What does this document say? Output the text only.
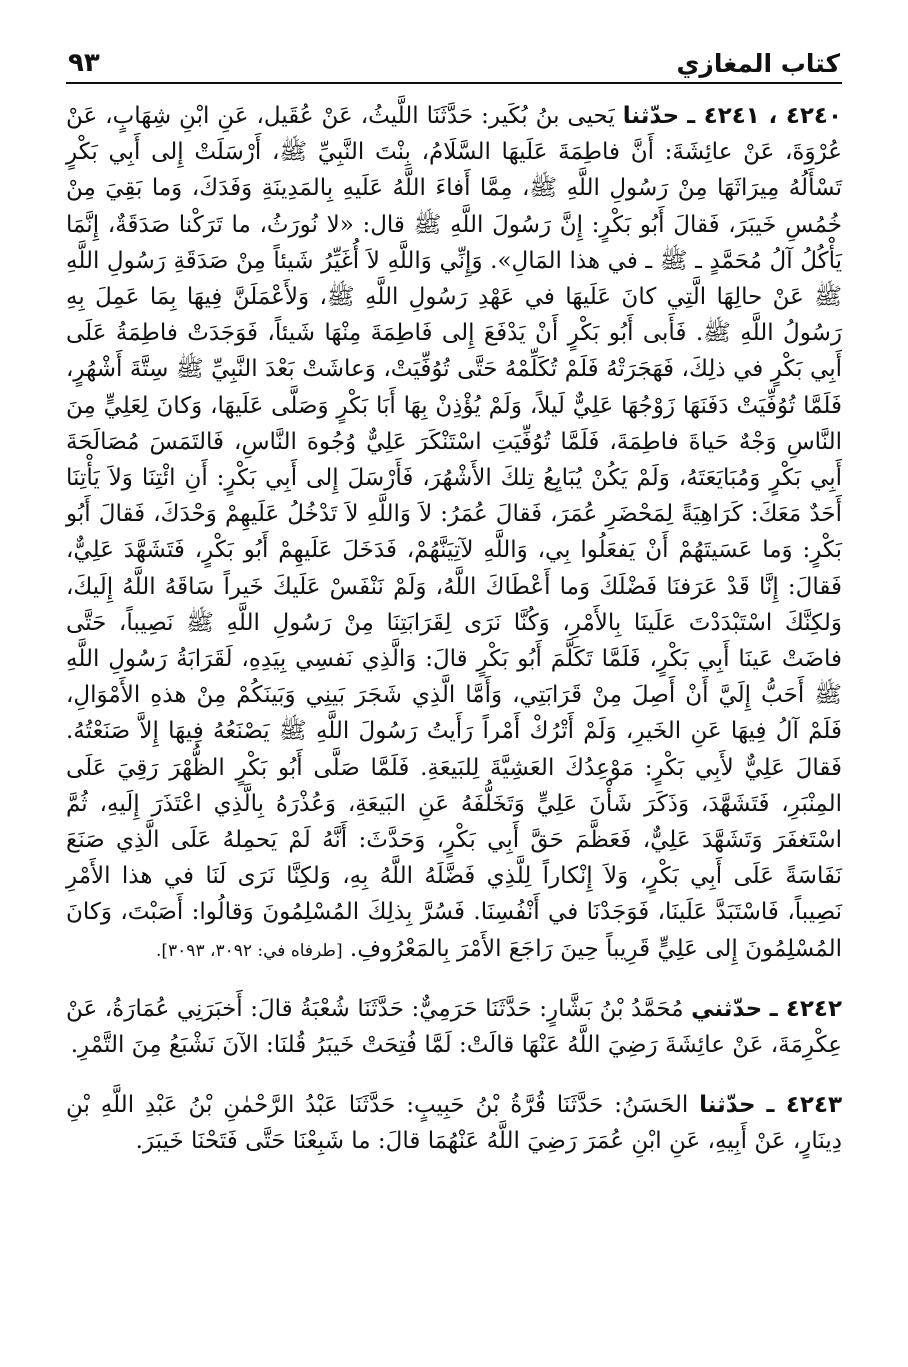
كتاب المغازي
٩٣

٤٢٤٠ ، ٤٢٤١ ـ حدّثنا يَحيى بنُ بُكَير: حَدَّثَنَا اللَّيثُ، عَنْ عُقَيل، عَنِ ابْنِ شِهَابٍ، عَنْ عُرْوَةَ، عَنْ عائِشَةَ: أَنَّ فاطِمَةَ عَلَيهَا السَّلَامُ، بِنْتَ النَّبِيِّ ﷺ، أَرْسَلَتْ إِلى أَبِي بَكْرٍ تَسْأَلُهُ مِيرَاثَهَا مِنْ رَسُولِ اللَّهِ ﷺ، مِمَّا أَفاءَ اللَّهُ عَلَيهِ بِالمَدِينَةِ وَفَدَكَ، وَما بَقِيَ مِنْ خُمُسِ خَيبَرَ، فَقالَ أَبُو بَكْرٍ: إِنَّ رَسُولَ اللَّهِ ﷺ قال: «لا نُورَثُ، ما تَرَكْنا صَدَقَةٌ، إِنَّمَا يَأْكُلُ آلُ مُحَمَّدٍ ـ ﷺ ـ في هذا المَالِ». وَإِنِّي وَاللَّهِ لاَ أُغَيِّرُ شَيئاً مِنْ صَدَقَةِ رَسُولِ اللَّهِ ﷺ عَنْ حالِهَا الَّتِي كانَ عَلَيهَا في عَهْدِ رَسُولِ اللَّهِ ﷺ، وَلأَعْمَلَنَّ فِيهَا بِمَا عَمِلَ بِهِ رَسُولُ اللَّهِ ﷺ. فَأَبى أَبُو بَكْرٍ أَنْ يَدْفَعَ إِلى فَاطِمَةَ مِنْهَا شَيئاً، فَوَجَدَتْ فاطِمَةُ عَلَى أَبِي بَكْرٍ في ذلِكَ، فَهَجَرَتْهُ فَلَمْ تُكَلِّمْهُ حَتَّى تُوُفِّيَتْ، وَعاشَتْ بَعْدَ النَّبِيِّ ﷺ سِتَّةَ أَشْهُرٍ، فَلَمَّا تُوُفِّيَتْ دَفَنَهَا زَوْجُهَا عَلِيٌّ لَيلاً، وَلَمْ يُؤْذِنْ بِهَا أَبَا بَكْرٍ وَصَلَّى عَلَيهَا، وَكانَ لِعَلِيٍّ مِنَ النَّاسِ وَجْهٌ حَياةَ فاطِمَةَ، فَلَمَّا تُوُفِّيَتِ اسْتَنْكَرَ عَلِيٌّ وُجُوهَ النَّاسِ، فَالتَمَسَ مُصَالَحَةَ أَبِي بَكْرٍ وَمُبَايَعَتَهُ، وَلَمْ يَكُنْ يُبَايِعُ تِلكَ الأَشْهُرَ، فَأَرْسَلَ إِلى أَبِي بَكْرٍ: أَنِ ائْتِنَا وَلاَ يَأْتِنَا أَحَدٌ مَعَكَ: كَرَاهِيَةً لِمَحْضَرِ عُمَرَ، فَقالَ عُمَرُ: لاَ وَاللَّهِ لاَ تَدْخُلُ عَلَيهِمْ وَحْدَكَ، فَقالَ أَبُو بَكْرٍ: وَما عَسَيتَهُمْ أَنْ يَفعَلُوا بِي، وَاللَّهِ لآتِيَنَّهُمْ، فَدَخَلَ عَلَيهِمْ أَبُو بَكْرٍ، فَتَشَهَّدَ عَلِيٌّ، فَقالَ: إِنَّا قَدْ عَرَفنَا فَضْلَكَ وَما أَعْطَاكَ اللَّهُ، وَلَمْ نَنْفَسْ عَلَيكَ خَيراً سَاقَهُ اللَّهُ إِلَيكَ، وَلكِنَّكَ اسْتَبْدَدْتَ عَلَينَا بِالأَمْرِ، وَكُنَّا نَرَى لِقَرَابَتِنَا مِنْ رَسُولِ اللَّهِ ﷺ نَصِيباً، حَتَّى فاضَتْ عَينَا أَبِي بَكْرٍ، فَلَمَّا تَكَلَّمَ أَبُو بَكْرٍ قالَ: وَالَّذِي نَفسِي بِيَدِهِ، لَقَرَابَةُ رَسُولِ اللَّهِ ﷺ أَحَبُّ إِلَيَّ أَنْ أَصِلَ مِنْ قَرَابَتِي، وَأَمَّا الَّذِي شَجَرَ بَينِي وَبَينَكُمْ مِنْ هذهِ الأَمْوَالِ، فَلَمْ آلُ فِيهَا عَنِ الخَيرِ، وَلَمْ أَتْرُكْ أَمْراً رَأَيتُ رَسُولَ اللَّهِ ﷺ يَصْنَعُهُ فِيهَا إِلاَّ صَنَعْتُهُ. فَقالَ عَلِيٌّ لأَبِي بَكْرٍ: مَوْعِدُكَ العَشِيَّةَ لِلبَيعَةِ. فَلَمَّا صَلَّى أَبُو بَكْرٍ الظُّهْرَ رَقِيَ عَلَى المِنْبَرِ، فَتَشَهَّدَ، وَذَكَرَ شَأْنَ عَلِيٍّ وَتَخَلُّفَهُ عَنِ البَيعَةِ، وَعُذْرَهُ بِالَّذِي اعْتَذَرَ إِلَيهِ، ثُمَّ اسْتَغفَرَ وَتَشَهَّدَ عَلِيٌّ، فَعَظَّمَ حَقَّ أَبِي بَكْرٍ، وَحَدَّثَ: أَنَّهُ لَمْ يَحمِلهُ عَلَى الَّذِي صَنَعَ نَفَاسَةً عَلَى أَبِي بَكْرٍ، وَلاَ إِنْكاراً لِلَّذِي فَضَّلَهُ اللَّهُ بِهِ، وَلكِنَّا نَرَى لَنَا في هذا الأَمْرِ نَصِيباً، فَاسْتَبَدَّ عَلَينَا، فَوَجَدْنَا في أَنْفُسِنَا. فَسُرَّ بِذلِكَ المُسْلِمُونَ وَقالُوا: أَصَبْتَ، وَكانَ المُسْلِمُونَ إِلى عَلِيٍّ قَرِيباً حِينَ رَاجَعَ الأَمْرَ بِالمَعْرُوفِ. [طرفاه في: ٣٠٩٢، ٣٠٩٣].

٤٢٤٢ ـ حدّثني مُحَمَّدُ بْنُ بَشَّارٍ: حَدَّثَنَا حَرَمِيٌّ: حَدَّثَنَا شُعْبَةُ قالَ: أَخبَرَنِي عُمَارَةُ، عَنْ عِكْرِمَةَ، عَنْ عائِشَةَ رَضِيَ اللَّهُ عَنْهَا قالَتْ: لَمَّا فُتِحَتْ خَيبَرُ قُلنَا: الآنَ نَشْبَعُ مِنَ التَّمْرِ.

٤٢٤٣ ـ حدّثنا الحَسَنُ: حَدَّثَنَا قُرَّةُ بْنُ حَبِيبٍ: حَدَّثَنَا عَبْدُ الرَّحْمٰنِ بْنُ عَبْدِ اللَّهِ بْنِ دِينَارٍ، عَنْ أَبِيهِ، عَنِ ابْنِ عُمَرَ رَضِيَ اللَّهُ عَنْهُمَا قالَ: ما شَبِعْنَا حَتَّى فَتَحْنَا خَيبَرَ.
